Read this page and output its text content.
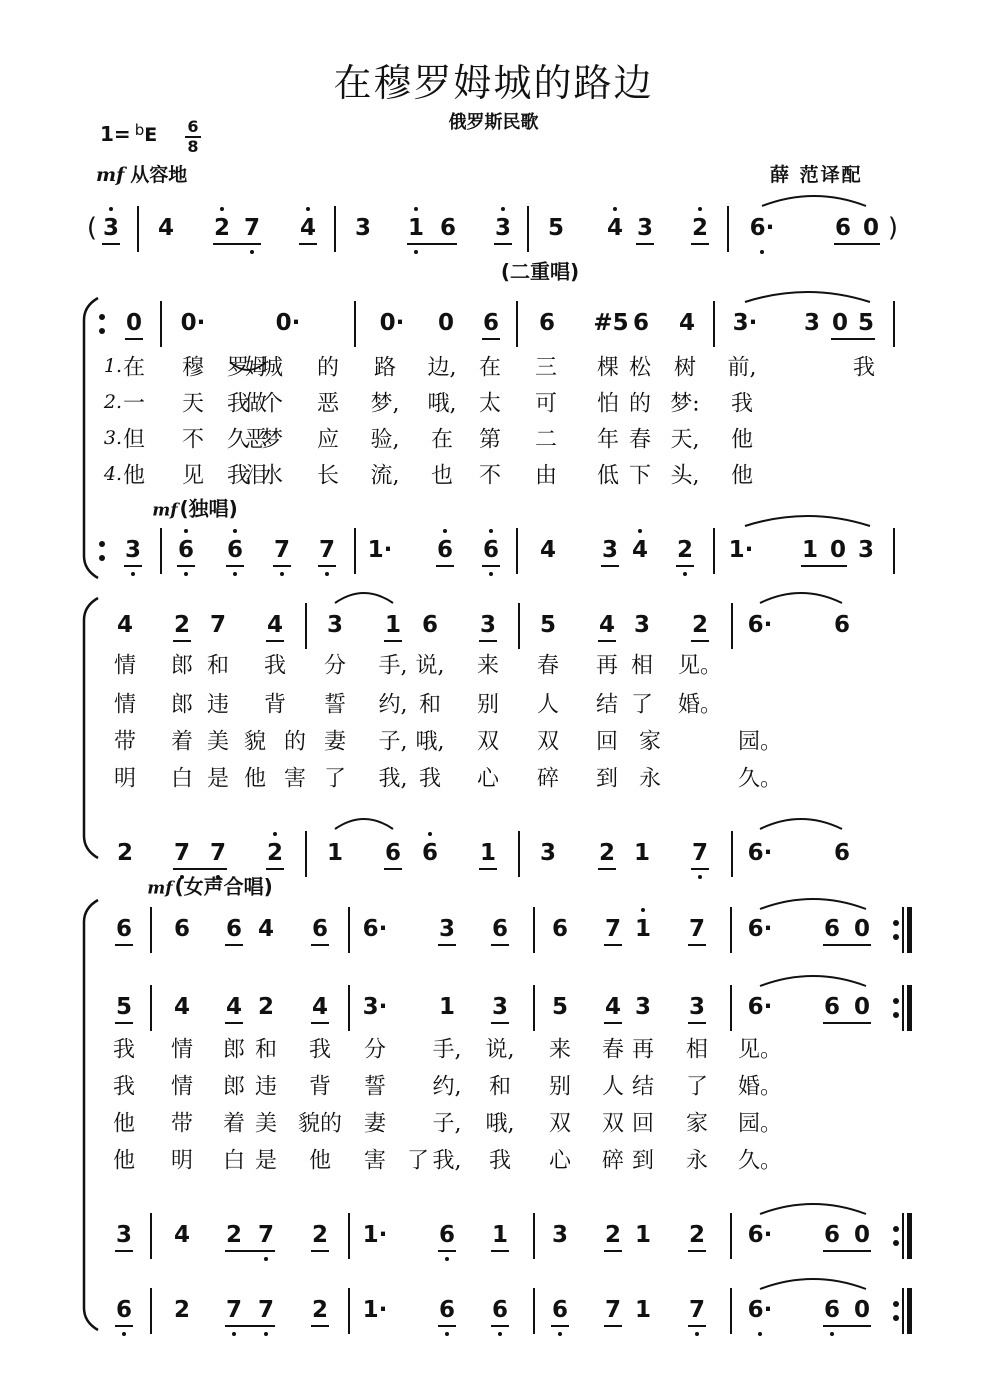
在穆罗姆城的路边
俄罗斯民歌
1= $^b$E	6
8
mf 从容地	薛 范译配
3 4 2 7 4 3 1 6 3 5 4 3 2 6·	6 0
0 0·	0·	0· 0 6 6 #5 6 4 3· 3 0 5
3 6 6 7 7 1· 6 6 4 3 4 2 1· 1 0 3
4 2 7 4 3 1 6 3 5 4 3 2 6·	6
2 7 7 2 1 6 6 1 3 2 1 7 6·	6
6 6 6 4 6 6· 3 6 6 7 1 7 6· 6 0
5 4 4 2 4 3· 1 3 5 4 3 3 6· 6 0
3 4 2 7 2 1· 6 1 3 2 1 2 6· 6 0
6 2 7 7 2 1· 6 6 6 7 1 7 6· 6 0
(	)
1. 在 穆 罗
姆
城 的 路 边, 在 三 棵 松 树 前,	我
2. 一 天 我
做
个 恶 梦, 哦, 太 可 怕 的 梦: 我
3. 但 不 久
恶
梦 应 验, 在 第 二 年 春 天, 他
4. 他 见 我
泪
水 长 流, 也 不 由 低 下 头, 他
情 郎 和 我 分 手, 说, 来 春 再 相 见。
情 郎 违 背 誓 约, 和 别 人 结 了 婚。
带 着 美 貌 的 妻 子, 哦, 双 双 回 家	园。
明 白 是 他 害 了 我, 我 心 碎 到 永	久。
我 情 郎 和 我 分 手, 说, 来 春 再 相 见。
我 情 郎 违 背 誓 约, 和 别 人 结 了 婚。
他 带 着 美 貌的 妻 子, 哦, 双 双 回 家 园。
他 明 白 是 他 害 了 我, 我 心 碎 到 永 久。
(二重唱)
mf (独唱)
mf (女声合唱)
